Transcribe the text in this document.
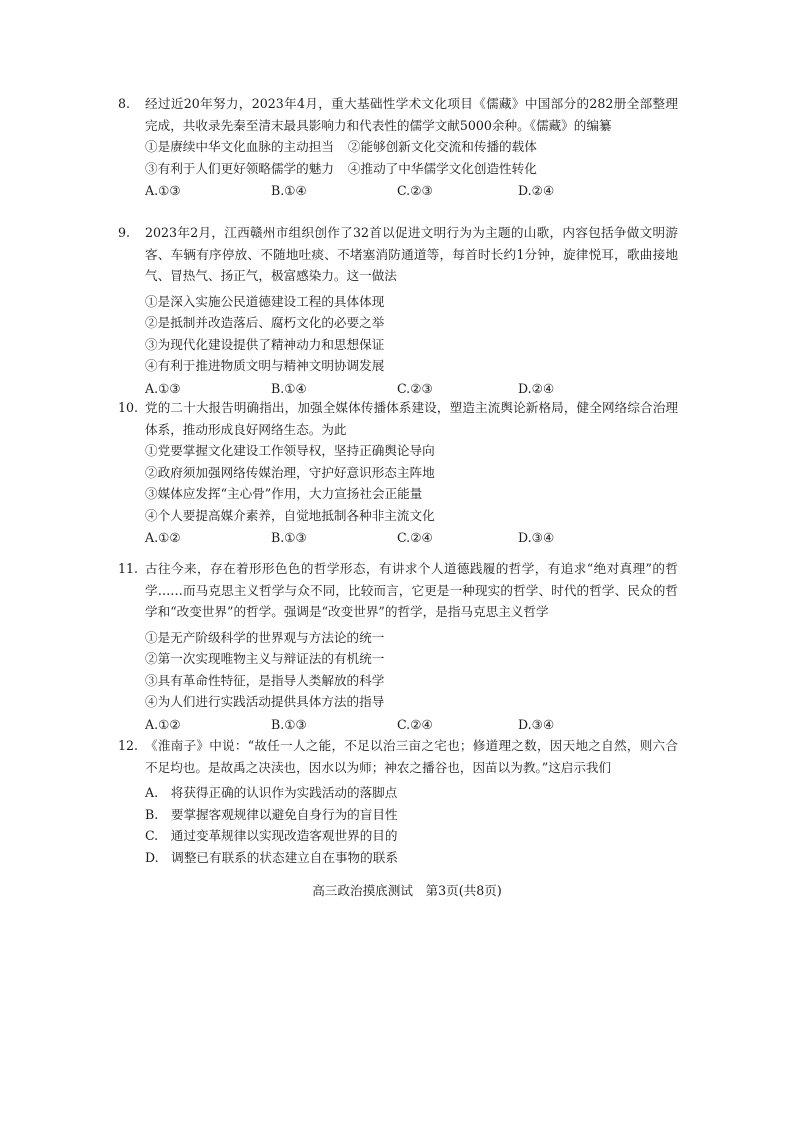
8. 经过近20年努力，2023年4月，重大基础性学术文化项目《儒藏》中国部分的282册全部整理完成，共收录先秦至清末最具影响力和代表性的儒学文献5000余种。《儒藏》的编纂
①是赓续中华文化血脉的主动担当 ②能够创新文化交流和传播的载体
③有利于人们更好领略儒学的魅力 ④推动了中华儒学文化创造性转化
A.①③	B.①④	C.②③	D.②④
9. 2023年2月，江西赣州市组织创作了32首以促进文明行为为主题的山歌，内容包括争做文明游客、车辆有序停放、不随地吐痰、不堵塞消防通道等，每首时长约1分钟，旋律悦耳，歌曲接地气、冒热气、扬正气，极富感染力。这一做法
①是深入实施公民道德建设工程的具体体现
②是抵制并改造落后、腐朽文化的必要之举
③为现代化建设提供了精神动力和思想保证
④有利于推进物质文明与精神文明协调发展
A.①③	B.①④	C.②③	D.②④
10. 党的二十大报告明确指出，加强全媒体传播体系建设，塑造主流舆论新格局，健全网络综合治理体系，推动形成良好网络生态。为此
①党要掌握文化建设工作领导权，坚持正确舆论导向
②政府须加强网络传媒治理，守护好意识形态主阵地
③媒体应发挥“主心骨”作用，大力宣扬社会正能量
④个人要提高媒介素养，自觉地抵制各种非主流文化
A.①②	B.①③	C.②④	D.③④
11. 古往今来，存在着形形色色的哲学形态，有讲求个人道德践履的哲学，有追求“绝对真理”的哲学……而马克思主义哲学与众不同，比较而言，它更是一种现实的哲学、时代的哲学、民众的哲学和“改变世界”的哲学。强调是“改变世界”的哲学，是指马克思主义哲学
①是无产阶级科学的世界观与方法论的统一
②第一次实现唯物主义与辩证法的有机统一
③具有革命性特征，是指导人类解放的科学
④为人们进行实践活动提供具体方法的指导
A.①②	B.①③	C.②④	D.③④
12. 《淮南子》中说：“故任一人之能，不足以治三亩之宅也；修道理之数，因天地之自然，则六合不足均也。是故禹之决渎也，因水以为师；神农之播谷也，因苗以为教。”这启示我们
A.　将获得正确的认识作为实践活动的落脚点
B.　要掌握客观规律以避免自身行为的盲目性
C.　通过变革规律以实现改造客观世界的目的
D.　调整已有联系的状态建立自在事物的联系
高三政治摸底测试　第3页(共8页)
